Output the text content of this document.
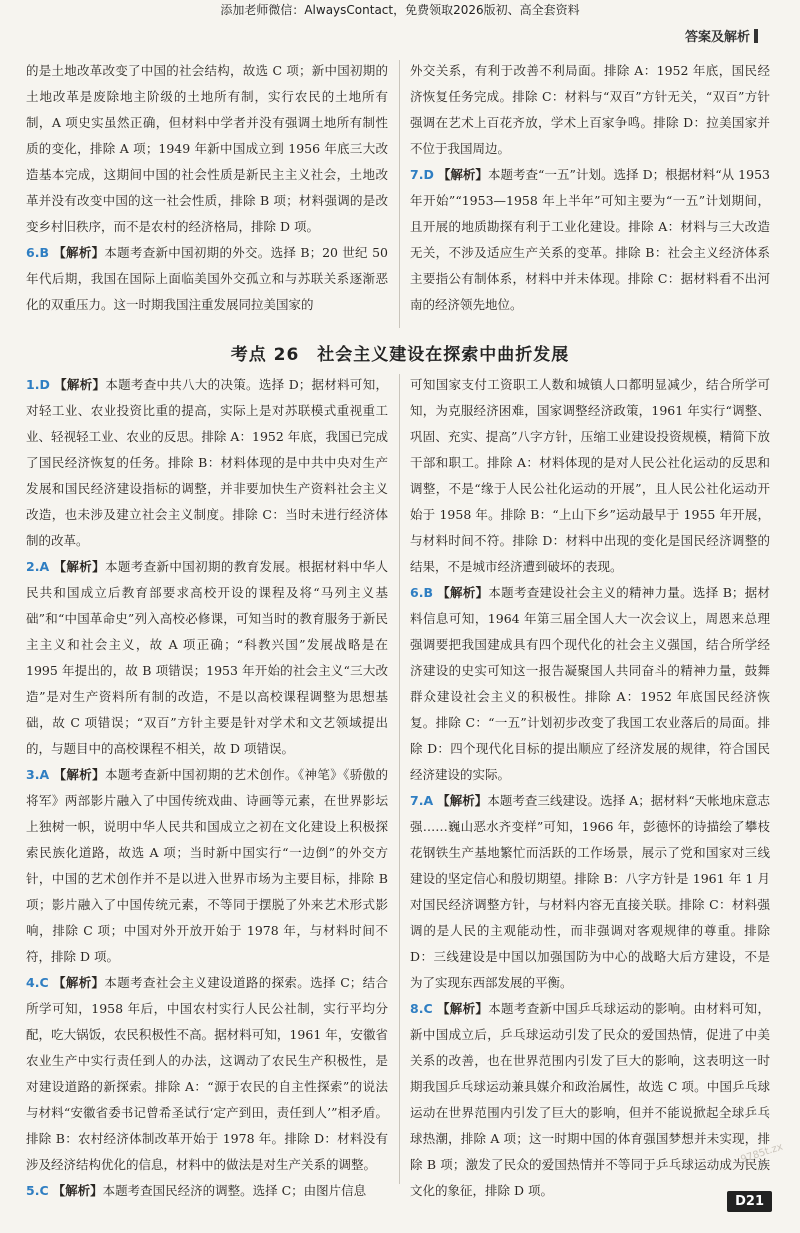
添加老师微信：AlwaysContact，免费领取2026版初、高全套资料
答案及解析

的是土地改革改变了中国的社会结构，故选 C 项；新中国初期的土地改革是废除地主阶级的土地所有制，实行农民的土地所有制，A 项史实虽然正确，但材料中学者并没有强调土地所有制性质的变化，排除 A 项；1949 年新中国成立到 1956 年底三大改造基本完成，这期间中国的社会性质是新民主主义社会，土地改革并没有改变中国的这一社会性质，排除 B 项；材料强调的是改变乡村旧秩序，而不是农村的经济格局，排除 D 项。

6.B 【解析】本题考查新中国初期的外交。选择 B；20 世纪 50 年代后期，我国在国际上面临美国外交孤立和与苏联关系逐渐恶化的双重压力。这一时期我国注重发展同拉美国家的

外交关系，有利于改善不利局面。排除 A：1952 年底，国民经济恢复任务完成。排除 C：材料与“双百”方针无关，“双百”方针强调在艺术上百花齐放，学术上百家争鸣。排除 D：拉美国家并不位于我国周边。

7.D 【解析】本题考查“一五”计划。选择 D；根据材料“从 1953 年开始”“1953—1958 年上半年”可知主要为“一五”计划期间，且开展的地质勘探有利于工业化建设。排除 A：材料与三大改造无关，不涉及适应生产关系的变革。排除 B：社会主义经济体系主要指公有制体系，材料中并未体现。排除 C：据材料看不出河南的经济领先地位。

考点 26 社会主义建设在探索中曲折发展

1.D 【解析】本题考查中共八大的决策。选择 D；据材料可知，对轻工业、农业投资比重的提高，实际上是对苏联模式重视重工业、轻视轻工业、农业的反思。排除 A：1952 年底，我国已完成了国民经济恢复的任务。排除 B：材料体现的是中共中央对生产发展和国民经济建设指标的调整，并非要加快生产资料社会主义改造，也未涉及建立社会主义制度。排除 C：当时未进行经济体制的改革。

2.A 【解析】本题考查新中国初期的教育发展。根据材料中华人民共和国成立后教育部要求高校开设的课程及将“马列主义基础”和“中国革命史”列入高校必修课，可知当时的教育服务于新民主主义和社会主义，故 A 项正确；“科教兴国”发展战略是在 1995 年提出的，故 B 项错误；1953 年开始的社会主义“三大改造”是对生产资料所有制的改造，不是以高校课程调整为思想基础，故 C 项错误；“双百”方针主要是针对学术和文艺领域提出的，与题目中的高校课程不相关，故 D 项错误。

3.A 【解析】本题考查新中国初期的艺术创作。《神笔》《骄傲的将军》两部影片融入了中国传统戏曲、诗画等元素，在世界影坛上独树一帜，说明中华人民共和国成立之初在文化建设上积极探索民族化道路，故选 A 项；当时新中国实行“一边倒”的外交方针，中国的艺术创作并不是以进入世界市场为主要目标，排除 B 项；影片融入了中国传统元素，不等同于摆脱了外来艺术形式影响，排除 C 项；中国对外开放开始于 1978 年，与材料时间不符，排除 D 项。

4.C 【解析】本题考查社会主义建设道路的探索。选择 C；结合所学可知，1958 年后，中国农村实行人民公社制，实行平均分配，吃大锅饭，农民积极性不高。据材料可知，1961 年，安徽省农业生产中实行责任到人的办法，这调动了农民生产积极性，是对建设道路的新探索。排除 A：“源于农民的自主性探索”的说法与材料“安徽省委书记曾希圣试行‘定产到田，责任到人’”相矛盾。排除 B：农村经济体制改革开始于 1978 年。排除 D：材料没有涉及经济结构优化的信息，材料中的做法是对生产关系的调整。

5.C 【解析】本题考查国民经济的调整。选择 C；由图片信息

可知国家支付工资职工人数和城镇人口都明显减少，结合所学可知，为克服经济困难，国家调整经济政策，1961 年实行“调整、巩固、充实、提高”八字方针，压缩工业建设投资规模，精简下放干部和职工。排除 A：材料体现的是对人民公社化运动的反思和调整，不是“缘于人民公社化运动的开展”，且人民公社化运动开始于 1958 年。排除 B：“上山下乡”运动最早于 1955 年开展，与材料时间不符。排除 D：材料中出现的变化是国民经济调整的结果，不是城市经济遭到破坏的表现。

6.B 【解析】本题考查建设社会主义的精神力量。选择 B；据材料信息可知，1964 年第三届全国人大一次会议上，周恩来总理强调要把我国建成具有四个现代化的社会主义强国，结合所学经济建设的史实可知这一报告凝聚国人共同奋斗的精神力量，鼓舞群众建设社会主义的积极性。排除 A：1952 年底国民经济恢复。排除 C：“一五”计划初步改变了我国工农业落后的局面。排除 D：四个现代化目标的提出顺应了经济发展的规律，符合国民经济建设的实际。

7.A 【解析】本题考查三线建设。选择 A；据材料“天帐地床意志强……巍山恶水齐变样”可知，1966 年，彭德怀的诗描绘了攀枝花钢铁生产基地繁忙而活跃的工作场景，展示了党和国家对三线建设的坚定信心和殷切期望。排除 B：八字方针是 1961 年 1 月对国民经济调整方针，与材料内容无直接关联。排除 C：材料强调的是人民的主观能动性，而非强调对客观规律的尊重。排除 D：三线建设是中国以加强国防为中心的战略大后方建设，不是为了实现东西部发展的平衡。

8.C 【解析】本题考查新中国乒乓球运动的影响。由材料可知，新中国成立后，乒乓球运动引发了民众的爱国热情，促进了中美关系的改善，也在世界范围内引发了巨大的影响，这表明这一时期我国乒乓球运动兼具媒介和政治属性，故选 C 项。中国乒乓球运动在世界范围内引发了巨大的影响，但并不能说掀起全球乒乓球热潮，排除 A 项；这一时期中国的体育强国梦想并未实现，排除 B 项；激发了民众的爱国热情并不等同于乒乓球运动成为民族文化的象征，排除 D 项。

9785t.zx
D21
